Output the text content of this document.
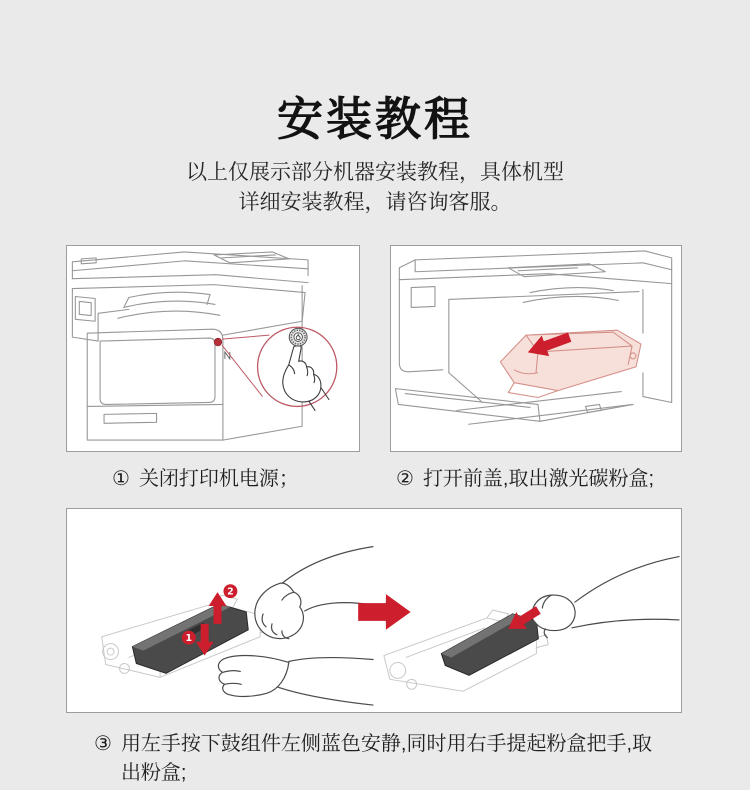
安装教程

以上仅展示部分机器安装教程，具体机型
详细安装教程，请咨询客服。

① 关闭打印机电源；	② 打开前盖,取出激光碳粉盒;
1
2
③ 用左手按下鼓组件左侧蓝色安静,同时用右手提起粉盒把手,取出粉盒;
